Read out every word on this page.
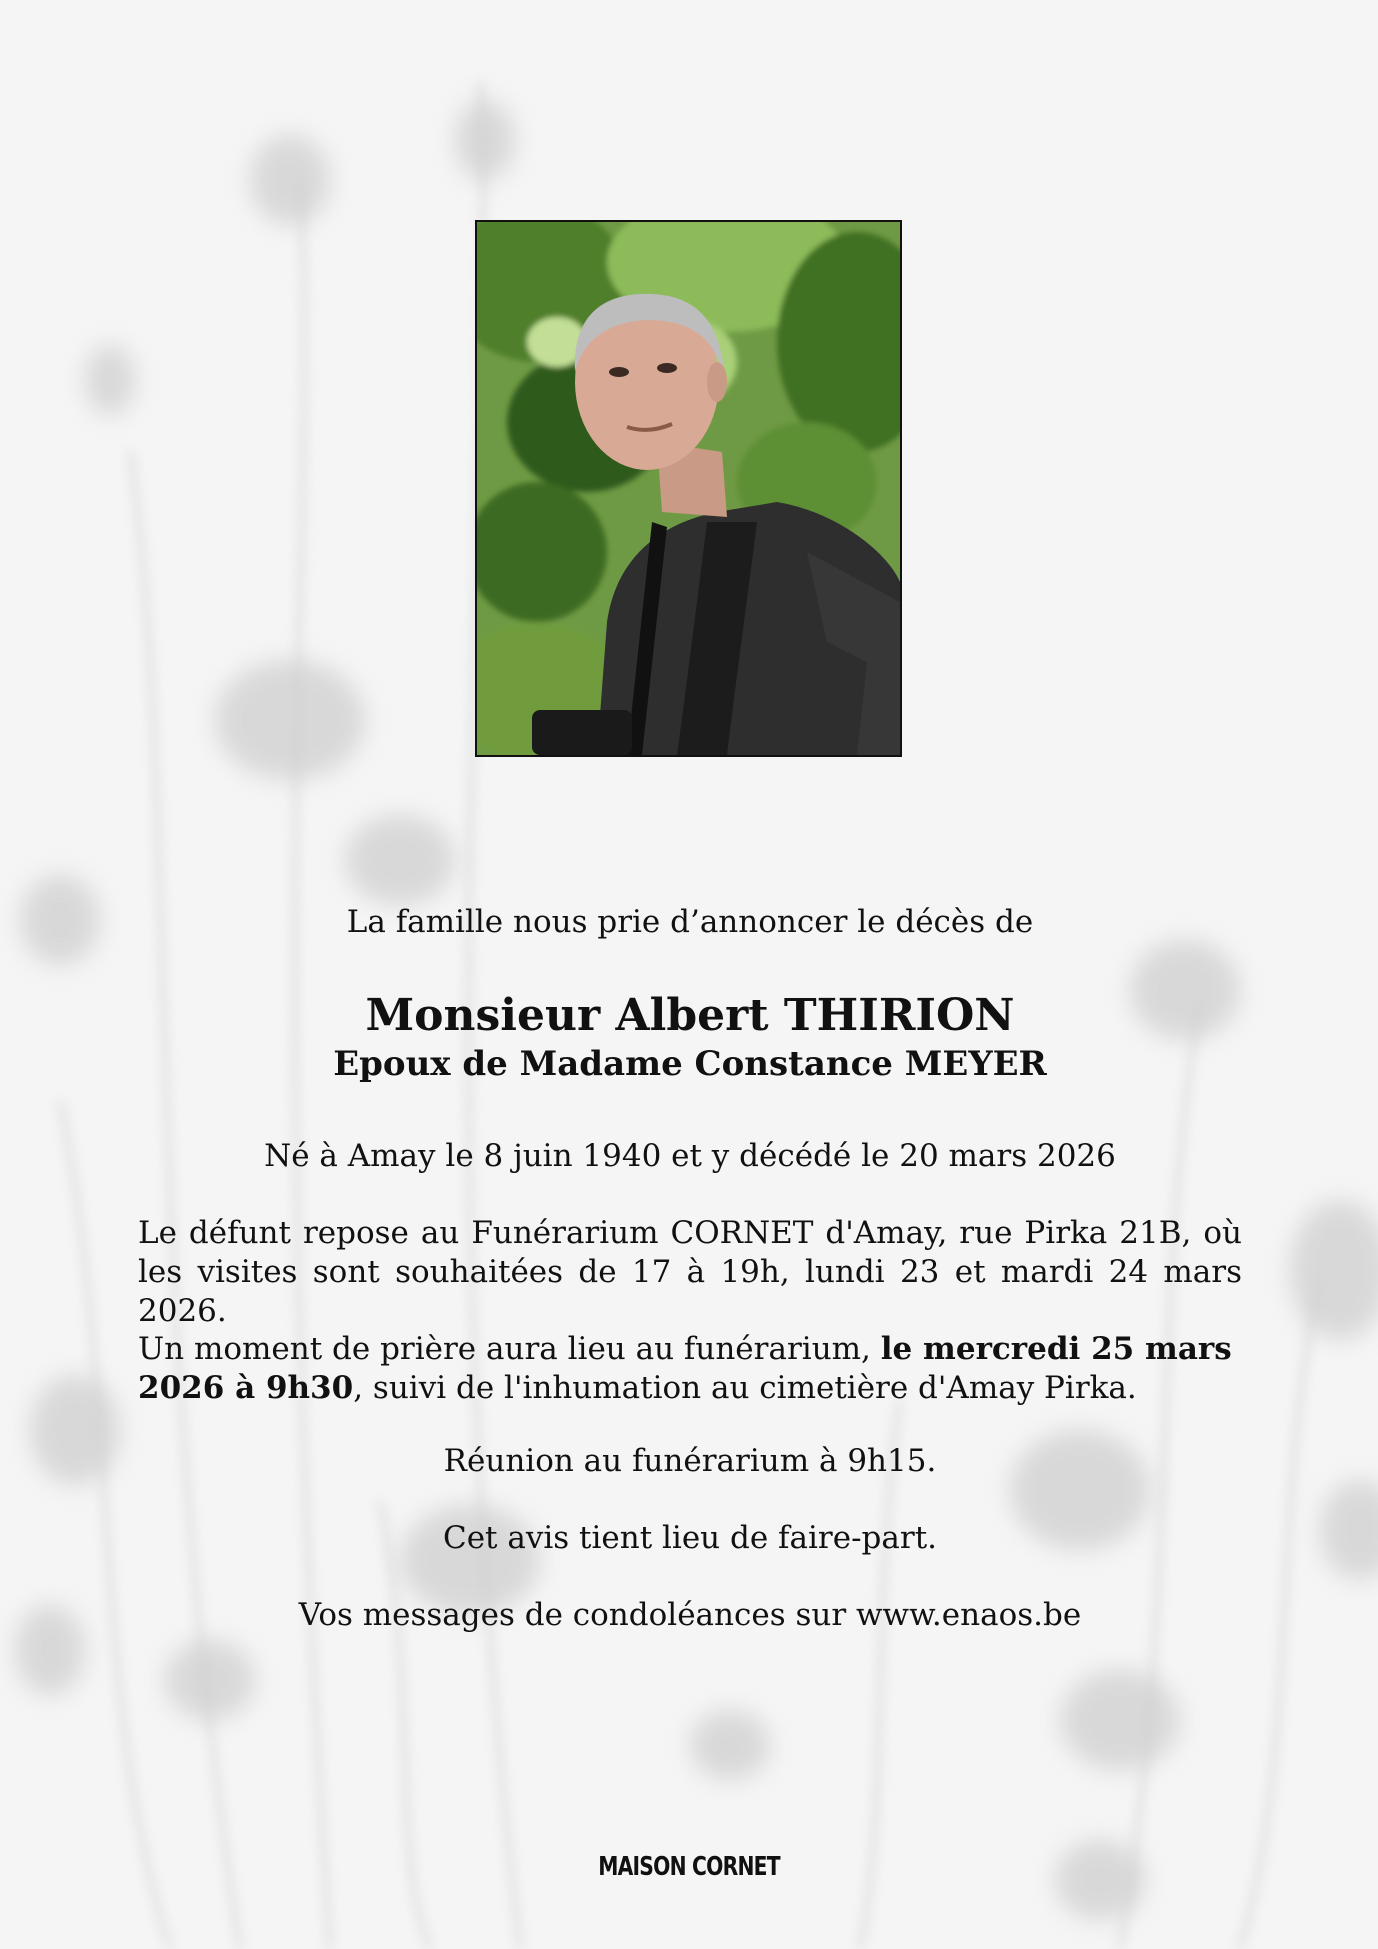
La famille nous prie d’annoncer le décès de
Monsieur Albert THIRION
Epoux de Madame Constance MEYER
Né à Amay le 8 juin 1940 et y décédé le 20 mars 2026
Le défunt repose au Funérarium CORNET d'Amay, rue Pirka 21B, où les visites sont souhaitées de 17 à 19h, lundi 23 et mardi 24 mars 2026.
Un moment de prière aura lieu au funérarium, le mercredi 25 mars 2026 à 9h30, suivi de l'inhumation au cimetière d'Amay Pirka.
Réunion au funérarium à 9h15.
Cet avis tient lieu de faire-part.
Vos messages de condoléances sur www.enaos.be
MAISON CORNET
